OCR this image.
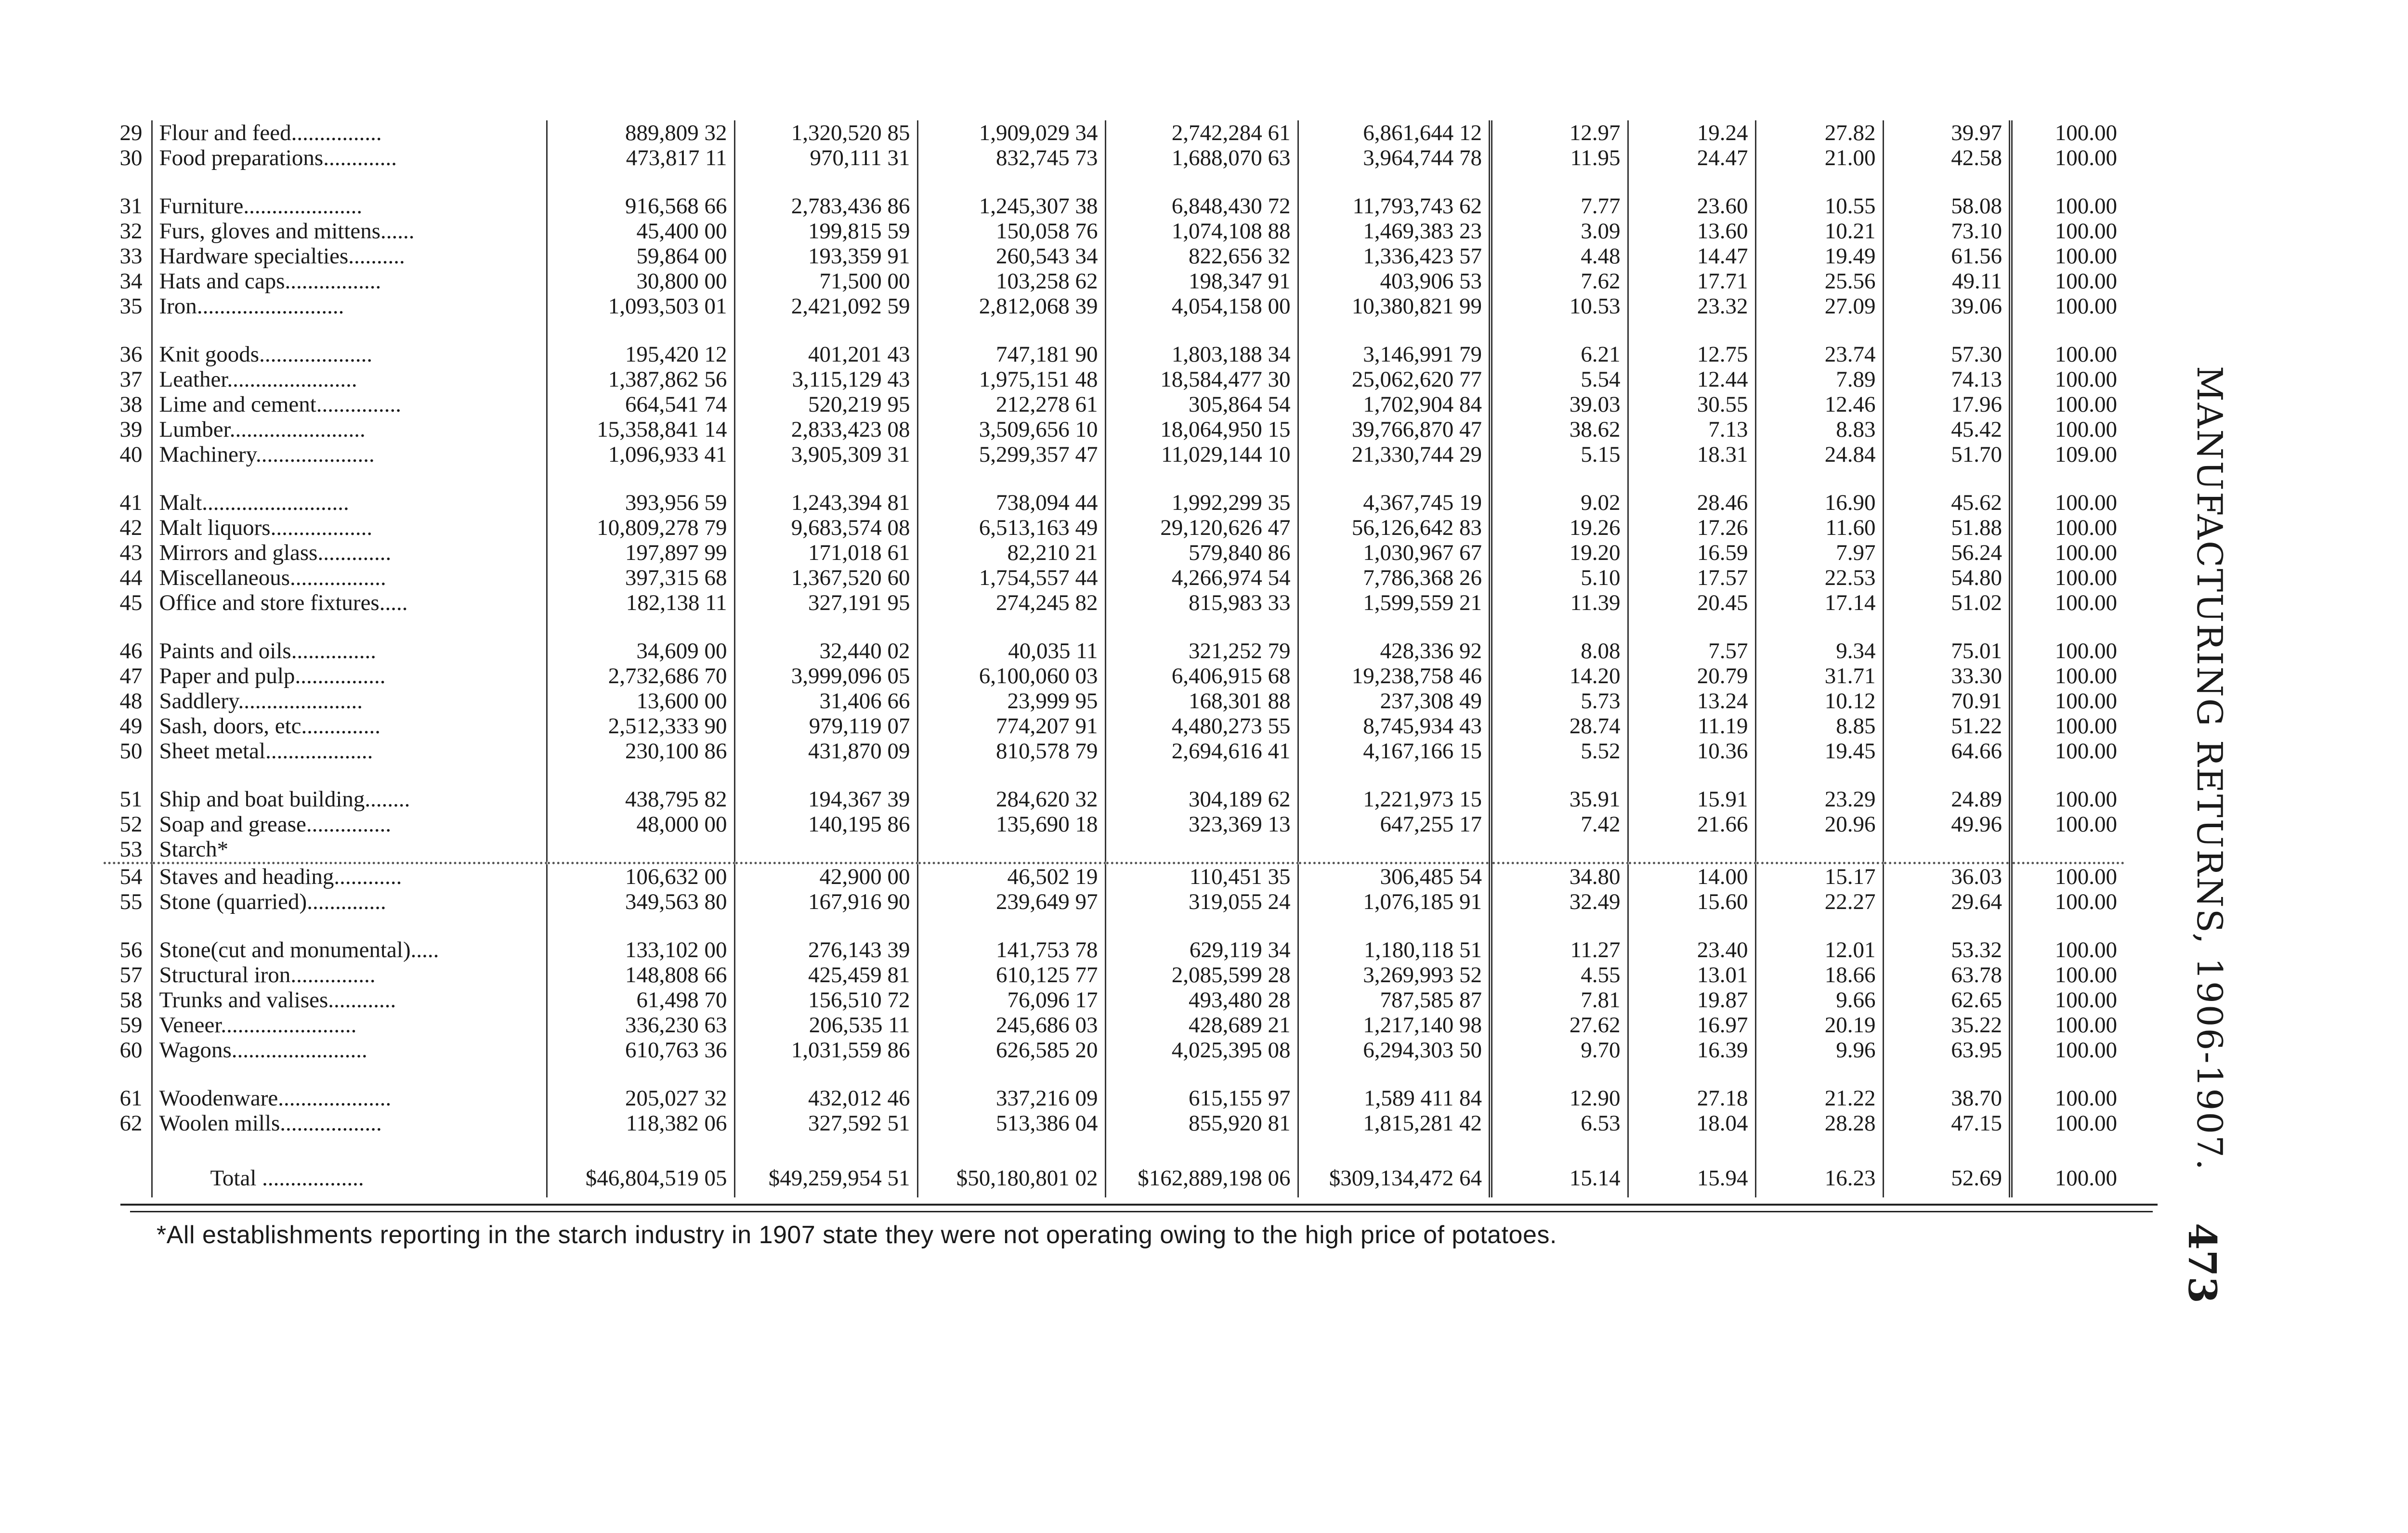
29	Flour and feed................	889,809 32	1,320,520 85	1,909,029 34	2,742,284 61	6,861,644 12	12.97	19.24	27.82	39.97	100.00
30	Food preparations.............	473,817 11	970,111 31	832,745 73	1,688,070 63	3,964,744 78	11.95	24.47	21.00	42.58	100.00

31	Furniture.....................	916,568 66	2,783,436 86	1,245,307 38	6,848,430 72	11,793,743 62	7.77	23.60	10.55	58.08	100.00
32	Furs, gloves and mittens......	45,400 00	199,815 59	150,058 76	1,074,108 88	1,469,383 23	3.09	13.60	10.21	73.10	100.00
33	Hardware specialties..........	59,864 00	193,359 91	260,543 34	822,656 32	1,336,423 57	4.48	14.47	19.49	61.56	100.00
34	Hats and caps.................	30,800 00	71,500 00	103,258 62	198,347 91	403,906 53	7.62	17.71	25.56	49.11	100.00
35	Iron..........................	1,093,503 01	2,421,092 59	2,812,068 39	4,054,158 00	10,380,821 99	10.53	23.32	27.09	39.06	100.00

36	Knit goods....................	195,420 12	401,201 43	747,181 90	1,803,188 34	3,146,991 79	6.21	12.75	23.74	57.30	100.00
37	Leather.......................	1,387,862 56	3,115,129 43	1,975,151 48	18,584,477 30	25,062,620 77	5.54	12.44	7.89	74.13	100.00
38	Lime and cement...............	664,541 74	520,219 95	212,278 61	305,864 54	1,702,904 84	39.03	30.55	12.46	17.96	100.00
39	Lumber........................	15,358,841 14	2,833,423 08	3,509,656 10	18,064,950 15	39,766,870 47	38.62	7.13	8.83	45.42	100.00
40	Machinery.....................	1,096,933 41	3,905,309 31	5,299,357 47	11,029,144 10	21,330,744 29	5.15	18.31	24.84	51.70	109.00

41	Malt..........................	393,956 59	1,243,394 81	738,094 44	1,992,299 35	4,367,745 19	9.02	28.46	16.90	45.62	100.00
42	Malt liquors..................	10,809,278 79	9,683,574 08	6,513,163 49	29,120,626 47	56,126,642 83	19.26	17.26	11.60	51.88	100.00
43	Mirrors and glass.............	197,897 99	171,018 61	82,210 21	579,840 86	1,030,967 67	19.20	16.59	7.97	56.24	100.00
44	Miscellaneous.................	397,315 68	1,367,520 60	1,754,557 44	4,266,974 54	7,786,368 26	5.10	17.57	22.53	54.80	100.00
45	Office and store fixtures.....	182,138 11	327,191 95	274,245 82	815,983 33	1,599,559 21	11.39	20.45	17.14	51.02	100.00

46	Paints and oils...............	34,609 00	32,440 02	40,035 11	321,252 79	428,336 92	8.08	7.57	9.34	75.01	100.00
47	Paper and pulp................	2,732,686 70	3,999,096 05	6,100,060 03	6,406,915 68	19,238,758 46	14.20	20.79	31.71	33.30	100.00
48	Saddlery......................	13,600 00	31,406 66	23,999 95	168,301 88	237,308 49	5.73	13.24	10.12	70.91	100.00
49	Sash, doors, etc..............	2,512,333 90	979,119 07	774,207 91	4,480,273 55	8,745,934 43	28.74	11.19	8.85	51.22	100.00
50	Sheet metal...................	230,100 86	431,870 09	810,578 79	2,694,616 41	4,167,166 15	5.52	10.36	19.45	64.66	100.00

51	Ship and boat building........	438,795 82	194,367 39	284,620 32	304,189 62	1,221,973 15	35.91	15.91	23.29	24.89	100.00
52	Soap and grease...............	48,000 00	140,195 86	135,690 18	323,369 13	647,255 17	7.42	21.66	20.96	49.96	100.00
53	Starch*										
54	Staves and heading............	106,632 00	42,900 00	46,502 19	110,451 35	306,485 54	34.80	14.00	15.17	36.03	100.00
55	Stone (quarried)..............	349,563 80	167,916 90	239,649 97	319,055 24	1,076,185 91	32.49	15.60	22.27	29.64	100.00

56	Stone(cut and monumental).....	133,102 00	276,143 39	141,753 78	629,119 34	1,180,118 51	11.27	23.40	12.01	53.32	100.00
57	Structural iron...............	148,808 66	425,459 81	610,125 77	2,085,599 28	3,269,993 52	4.55	13.01	18.66	63.78	100.00
58	Trunks and valises............	61,498 70	156,510 72	76,096 17	493,480 28	787,585 87	7.81	19.87	9.66	62.65	100.00
59	Veneer........................	336,230 63	206,535 11	245,686 03	428,689 21	1,217,140 98	27.62	16.97	20.19	35.22	100.00
60	Wagons........................	610,763 36	1,031,559 86	626,585 20	4,025,395 08	6,294,303 50	9.70	16.39	9.96	63.95	100.00

61	Woodenware....................	205,027 32	432,012 46	337,216 09	615,155 97	1,589 411 84	12.90	27.18	21.22	38.70	100.00
62	Woolen mills..................	118,382 06	327,592 51	513,386 04	855,920 81	1,815,281 42	6.53	18.04	28.28	47.15	100.00

	Total ..................	$46,804,519 05	$49,259,954 51	$50,180,801 02	$162,889,198 06	$309,134,472 64	15.14	15.94	16.23	52.69	100.00
*All establishments reporting in the starch industry in 1907 state they were not operating owing to the high price of potatoes.
MANUFACTURING RETURNS, 1906-1907.
473
